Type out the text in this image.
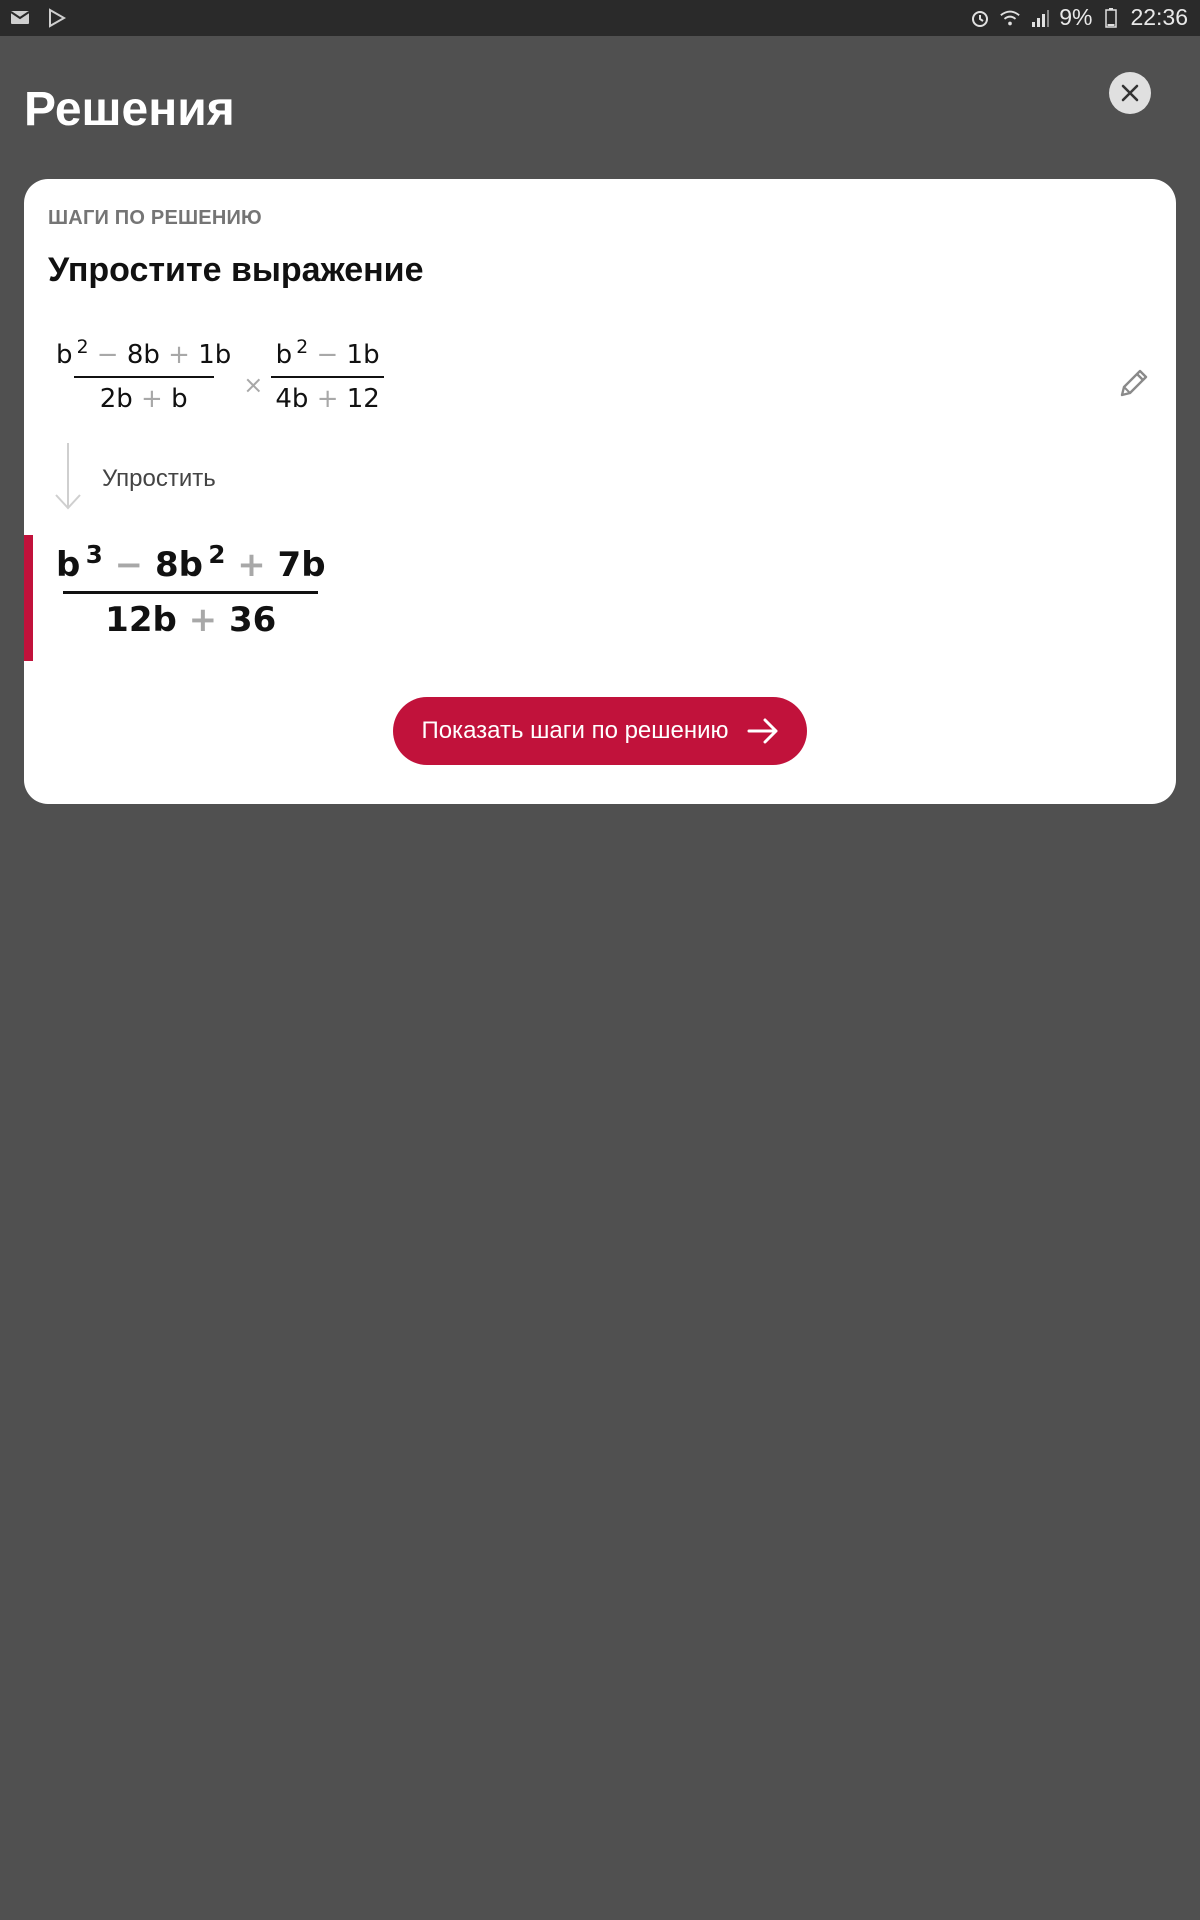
9% 22:36
Решения
ШАГИ ПО РЕШЕНИЮ
Упростите выражение
$\frac{b ^2 - 8b + 1b}{2b + b} \times \frac{b ^2 - 1b}{4b + 12}$
Упростить
$\frac{b ^3 - 8b ^2 + 7b}{12b + 36}$
Показать шаги по решению
